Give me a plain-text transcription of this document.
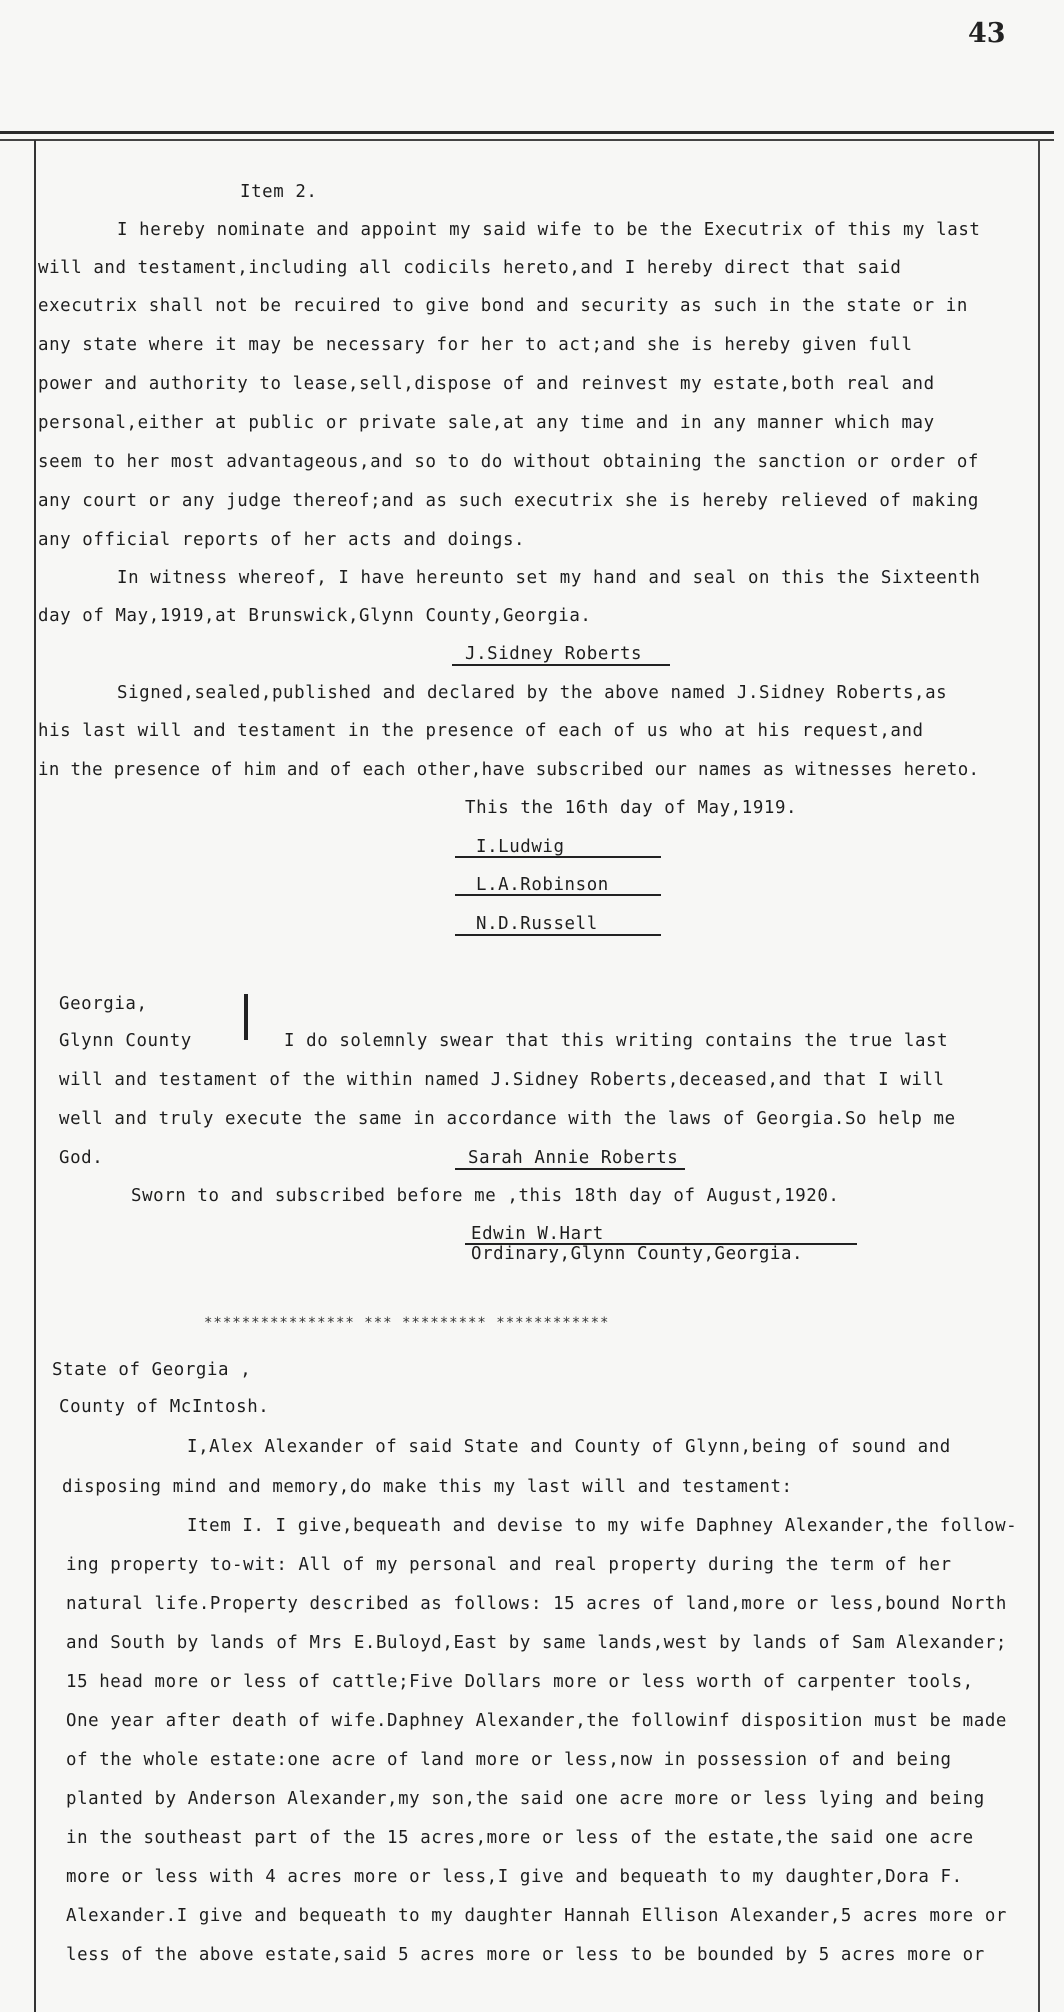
43
Item 2.
I hereby nominate and appoint my said wife to be the Executrix of this my last
will and testament,including all codicils hereto,and I hereby direct that said
executrix shall not be recuired to give bond and security as such in the state or in
any state where it may be necessary for her to act;and she is hereby given full
power and authority to lease,sell,dispose of and reinvest my estate,both real and
personal,either at public or private sale,at any time and in any manner which may
seem to her most advantageous,and so to do without obtaining the sanction or order of
any court or any judge thereof;and as such executrix she is hereby relieved of making
any official reports of her acts and doings.
In witness whereof, I have hereunto set my hand and seal on this the Sixteenth
day of May,1919,at Brunswick,Glynn County,Georgia.
J.Sidney Roberts
Signed,sealed,published and declared by the above named J.Sidney Roberts,as
his last will and testament in the presence of each of us who at his request,and
in the presence of him and of each other,have subscribed our names as witnesses hereto.
This the 16th day of May,1919.
I.Ludwig
L.A.Robinson
N.D.Russell
Georgia,
Glynn County	I do solemnly swear that this writing contains the true last
will and testament of the within named J.Sidney Roberts,deceased,and that I will
well and truly execute the same in accordance with the laws of Georgia.So help me
God.	Sarah Annie Roberts
Sworn to and subscribed before me ,this 18th day of August,1920.
Edwin W.Hart
Ordinary,Glynn County,Georgia.
**************** *** ********* ************
State of Georgia ,
County of McIntosh.
I,Alex Alexander of said State and County of Glynn,being of sound and
disposing mind and memory,do make this my last will and testament:
Item I. I give,bequeath and devise to my wife Daphney Alexander,the follow-
ing property to-wit: All of my personal and real property during the term of her
natural life.Property described as follows: 15 acres of land,more or less,bound North
and South by lands of Mrs E.Buloyd,East by same lands,west by lands of Sam Alexander;
15 head more or less of cattle;Five Dollars more or less worth of carpenter tools,
One year after death of wife.Daphney Alexander,the followinf disposition must be made
of the whole estate:one acre of land more or less,now in possession of and being
planted by Anderson Alexander,my son,the said one acre more or less lying and being
in the southeast part of the 15 acres,more or less of the estate,the said one acre
more or less with 4 acres more or less,I give and bequeath to my daughter,Dora F.
Alexander.I give and bequeath to my daughter Hannah Ellison Alexander,5 acres more or
less of the above estate,said 5 acres more or less to be bounded by 5 acres more or
